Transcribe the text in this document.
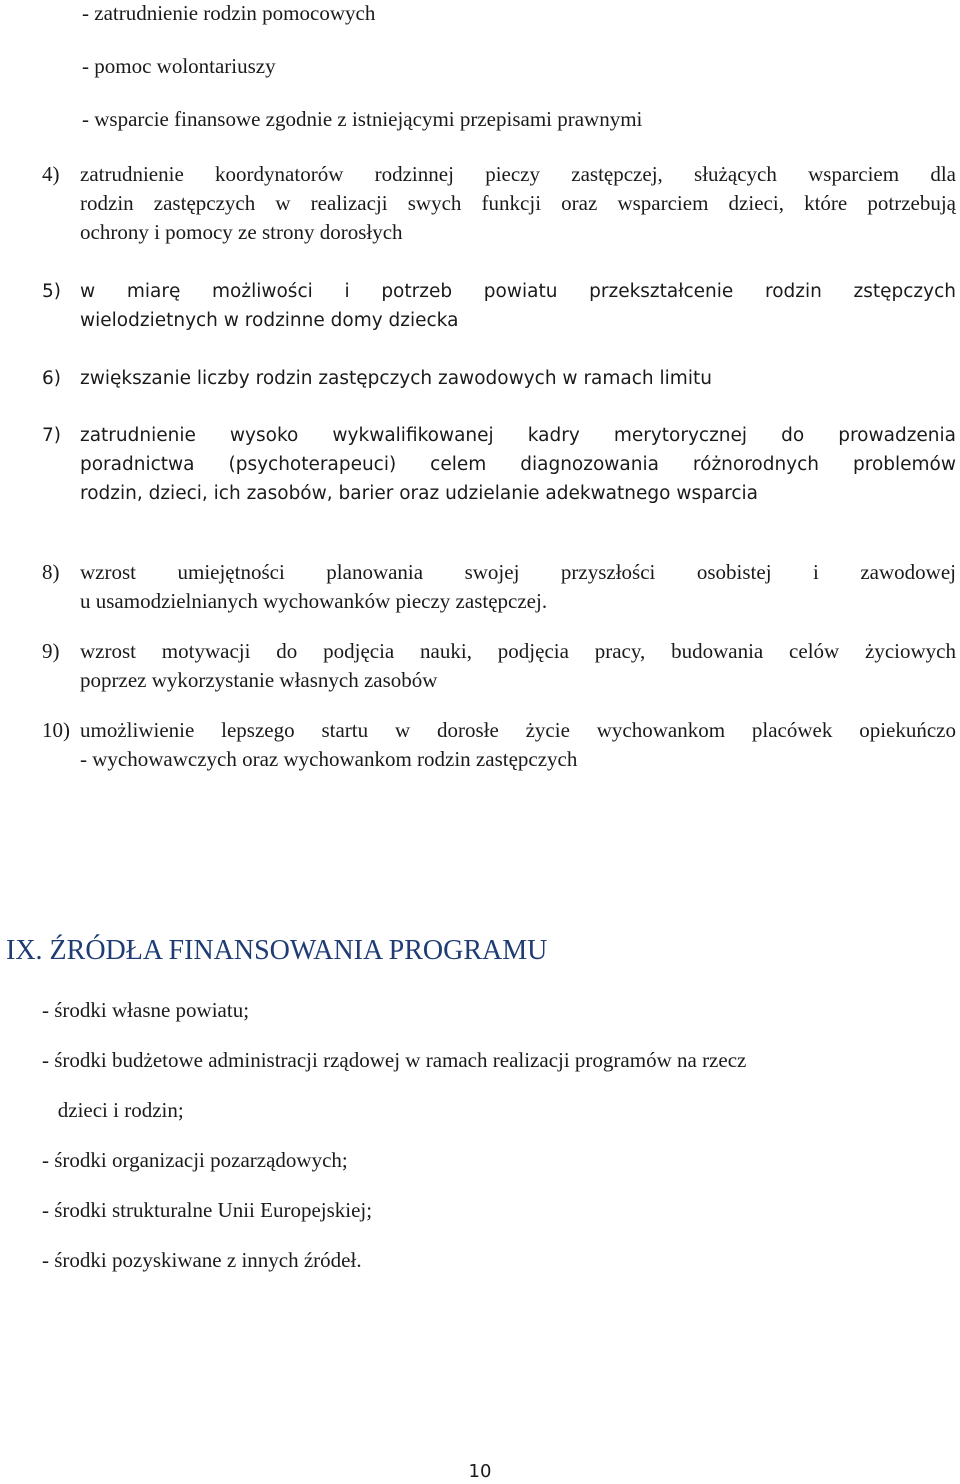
- zatrudnienie rodzin pomocowych
- pomoc wolontariuszy
- wsparcie finansowe zgodnie z istniejącymi przepisami prawnymi
4) zatrudnienie koordynatorów rodzinnej pieczy zastępczej, służących wsparciem dla
rodzin zastępczych w realizacji swych funkcji oraz wsparciem dzieci, które potrzebują
ochrony i pomocy ze strony dorosłych
5) w miarę możliwości i potrzeb powiatu przekształcenie rodzin zstępczych
wielodzietnych w rodzinne domy dziecka
6) zwiększanie liczby rodzin zastępczych zawodowych w ramach limitu
7) zatrudnienie wysoko wykwalifikowanej kadry merytorycznej do prowadzenia
poradnictwa (psychoterapeuci) celem diagnozowania różnorodnych problemów
rodzin, dzieci, ich zasobów, barier oraz udzielanie adekwatnego wsparcia
8) wzrost umiejętności planowania swojej przyszłości osobistej i zawodowej
u usamodzielnianych wychowanków pieczy zastępczej.
9) wzrost motywacji do podjęcia nauki, podjęcia pracy, budowania celów życiowych
poprzez wykorzystanie własnych zasobów
10) umożliwienie lepszego startu w dorosłe życie wychowankom placówek opiekuńczo
- wychowawczych oraz wychowankom rodzin zastępczych
IX. ŹRÓDŁA FINANSOWANIA PROGRAMU
- środki własne powiatu;
- środki budżetowe administracji rządowej w ramach realizacji programów na rzecz
dzieci i rodzin;
- środki organizacji pozarządowych;
- środki strukturalne Unii Europejskiej;
- środki pozyskiwane z innych źródeł.
10
